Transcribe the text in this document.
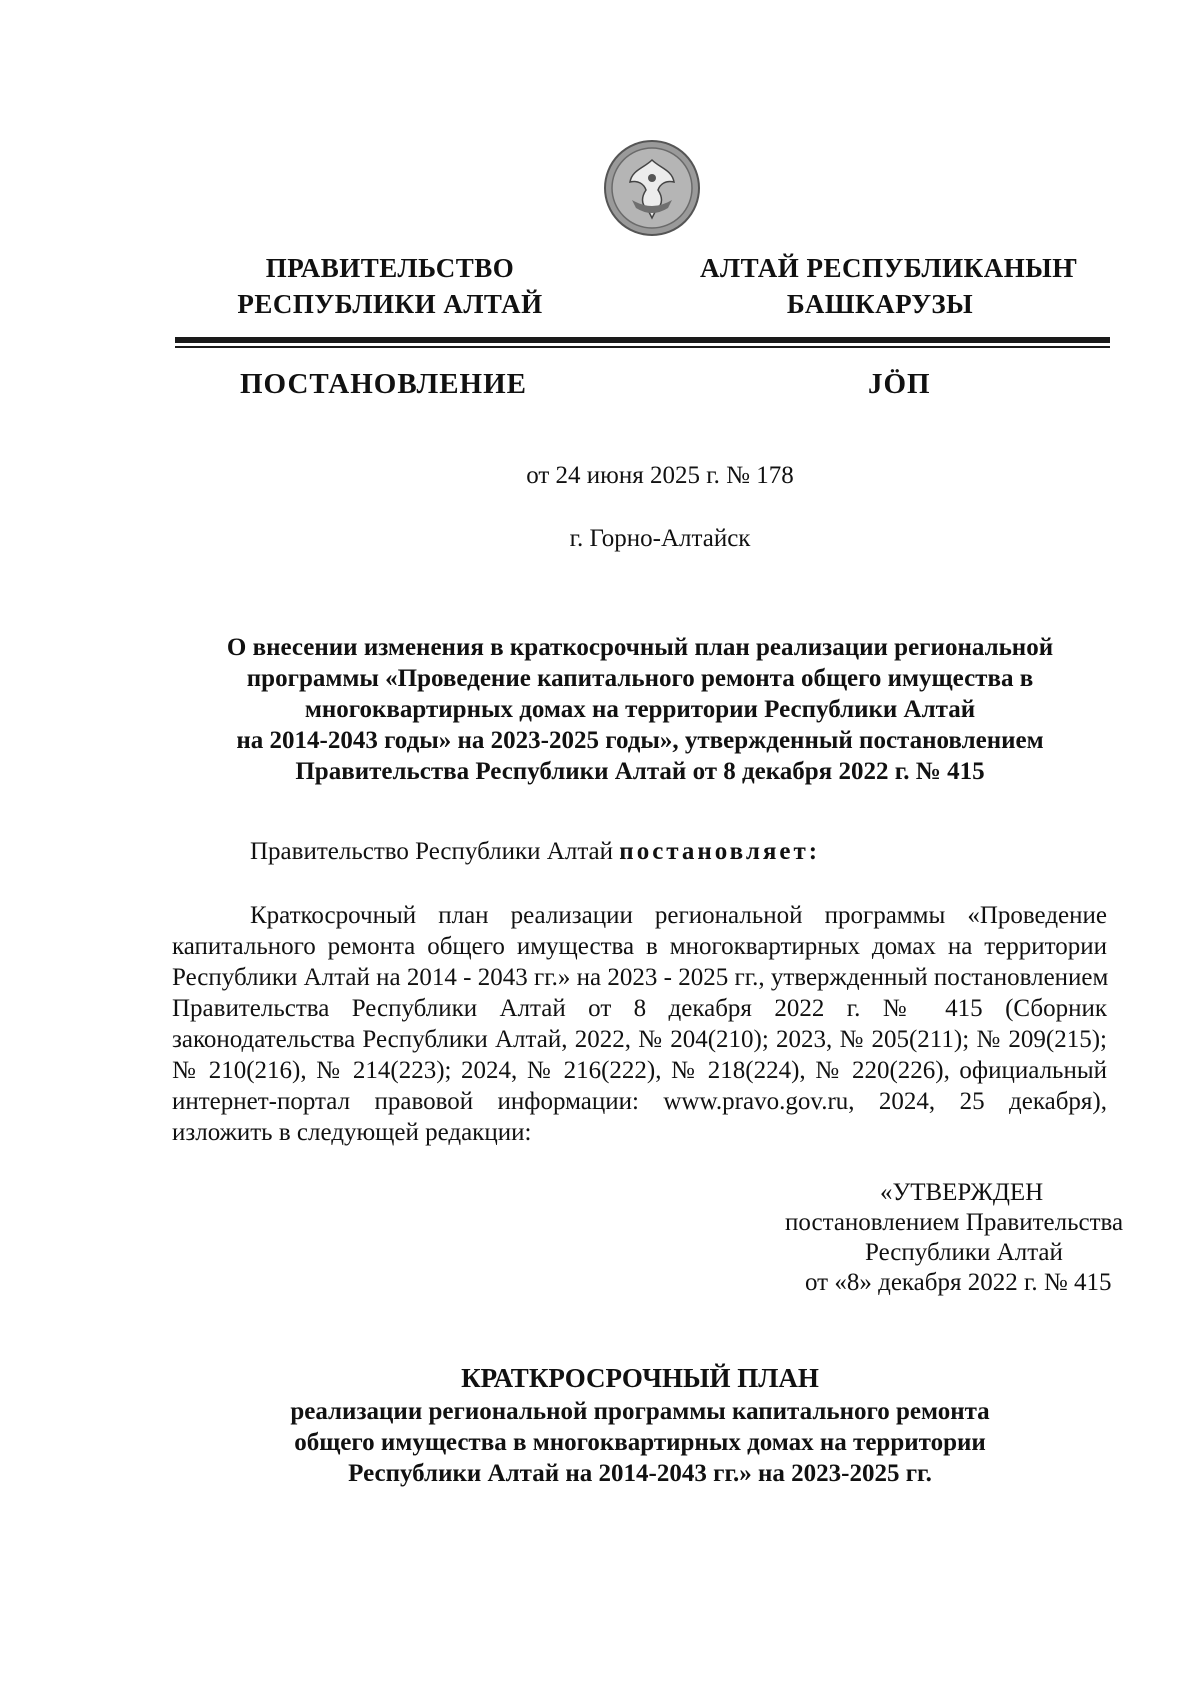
ПРАВИТЕЛЬСТВО
РЕСПУБЛИКИ АЛТАЙ
АЛТАЙ РЕСПУБЛИКАНЫҤ
БАШКАРУЗЫ
ПОСТАНОВЛЕНИЕ	JӦП
от 24 июня 2025 г. № 178
г. Горно-Алтайск
О внесении изменения в краткосрочный план реализации региональной
программы «Проведение капитального ремонта общего имущества в
многоквартирных домах на территории Республики Алтай
на 2014-2043 годы» на 2023-2025 годы», утвержденный постановлением
Правительства Республики Алтай от 8 декабря 2022 г. № 415
Правительство Республики Алтай постановляет:
Краткосрочный план реализации региональной программы «Проведение
капитального ремонта общего имущества в многоквартирных домах на территории
Республики Алтай на 2014 - 2043 гг.» на 2023 - 2025 гг., утвержденный постановлением
Правительства Республики Алтай от 8 декабря 2022 г. № 415 (Сборник
законодательства Республики Алтай, 2022, № 204(210); 2023, № 205(211); № 209(215);
№ 210(216), № 214(223); 2024, № 216(222), № 218(224), № 220(226), официальный
интернет-портал правовой информации: www.pravo.gov.ru, 2024, 25 декабря),
изложить в следующей редакции:
«УТВЕРЖДЕН
постановлением Правительства
Республики Алтай
от «8» декабря 2022 г. № 415
КРАТКРОСРОЧНЫЙ ПЛАН
реализации региональной программы капитального ремонта
общего имущества в многоквартирных домах на территории
Республики Алтай на 2014-2043 гг.» на 2023-2025 гг.
